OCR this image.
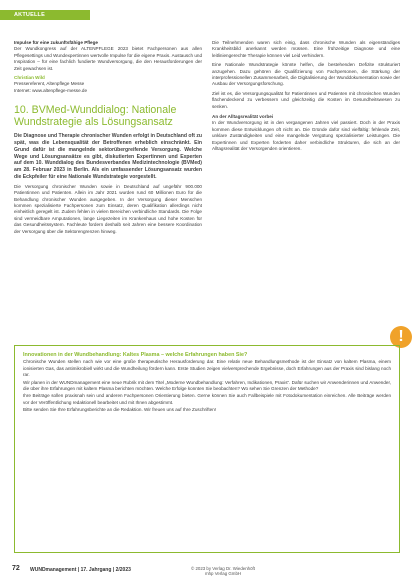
AKTUELLE INFORMATIONEN
Impulse für eine zukunftsfähige Pflege

Der Wundkongress auf der ALTENPFLEGE 2023 bietet Fachpersonen aus allen Pflegesettings und Wundexpertinnen wertvolle Impulse für die eigene Praxis. Austausch und Inspiration – für eine fachlich fundierte Wundversorgung, die den Herausforderungen der Zeit gewachsen ist.

Christian Wild
Pressereferent, Altenpflege Messe
Internet: www.altenpflege-messe.de
10. BVMed-Wunddialog: Nationale Wundstrategie als Lösungsansatz

Die Diagnose und Therapie chronischer Wunden erfolgt in Deutschland oft zu spät, was die Lebensqualität der Betroffenen erheblich einschränkt. Ein Grund dafür ist die mangelnde sektorübergreifende Versorgung. Welche Wege und Lösungsansätze es gibt, diskutierten Expertinnen und Experten auf dem 10. Wunddialog des Bundesverbandes Medizintechnologie (BVMed) am 28. Februar 2023 in Berlin. Als ein umfassender Lösungsansatz wurden die Eckpfeiler für eine Nationale Wundstrategie vorgestellt.

Die Versorgung chronischer Wunden sowie in Deutschland auf ungefähr 900.000 Patientinnen und Patienten. Allein im Jahr 2021 wurden rund 60 Millionen Euro für die Behandlung chronischer Wunden ausgegeben. In der Versorgung dieser Menschen kommen spezialisierte Fachpersonen zum Einsatz, deren Qualifikation allerdings nicht einheitlich geregelt ist. Zudem fehlen in vielen Bereichen verbindliche Standards. Die Folge sind vermeidbare Amputationen, lange Liegezeiten im Krankenhaus und hohe Kosten für das Gesundheitssystem. Fachleute fordern deshalb seit Jahren eine bessere Koordination der Versorgung über die Sektorengrenzen hinweg.

Die Teilnehmenden waren sich einig, dass chronische Wunden als eigenständiges Krankheitsbild anerkannt werden müssen. Eine frühzeitige Diagnose und eine leitliniengerechte Therapie können viel Leid verhindern.

Eine Nationale Wundstrategie könnte helfen, die bestehenden Defizite strukturiert anzugehen. Dazu gehören die Qualifizierung von Fachpersonen, die Stärkung der interprofessionellen Zusammenarbeit, die Digitalisierung der Wunddokumentation sowie der Ausbau der Versorgungsforschung.

Ziel ist es, die Versorgungsqualität für Patientinnen und Patienten mit chronischen Wunden flächendeckend zu verbessern und gleichzeitig die Kosten im Gesundheitswesen zu senken.

An der Alltagsrealität vorbei

In der Wundversorgung ist in den vergangenen Jahren viel passiert. Doch in der Praxis kommen diese Entwicklungen oft nicht an. Die Gründe dafür sind vielfältig: fehlende Zeit, unklare Zuständigkeiten und eine mangelnde Vergütung spezialisierter Leistungen. Die Expertinnen und Experten forderten daher verbindliche Strukturen, die sich an der Alltagsrealität der Versorgenden orientieren.

!
Innovationen in der Wundbehandlung: Kaltes Plasma – welche Erfahrungen haben Sie?

Chronische Wunden stellen nach wie vor eine große therapeutische Herausforderung dar. Eine relativ neue Behandlungsmethode ist der Einsatz von kaltem Plasma, einem ionisierten Gas, das antimikrobiell wirkt und die Wundheilung fördern kann. Erste Studien zeigen vielversprechende Ergebnisse, doch Erfahrungen aus der Praxis sind bislang noch rar.

Wir planen in der WUNDmanagement eine neue Rubrik mit dem Titel „Moderne Wundbehandlung: Verfahren, Indikationen, Praxis“. Dafür suchen wir Anwenderinnen und Anwender, die über ihre Erfahrungen mit kaltem Plasma berichten möchten. Welche Erfolge konnten Sie beobachten? Wo sehen Sie Grenzen der Methode?

Ihre Beiträge sollen praxisnah sein und anderen Fachpersonen Orientierung bieten. Gerne können Sie auch Fallbeispiele mit Fotodokumentation einreichen. Alle Beiträge werden vor der Veröffentlichung redaktionell bearbeitet und mit Ihnen abgestimmt.

Bitte senden Sie Ihre Erfahrungsberichte an die Redaktion. Wir freuen uns auf Ihre Zuschriften!

72 WUNDmanagement | 17. Jahrgang | 2/2023	© 2023 by Verlag Dr. Wiedenhöft
mhp Verlag GmbH
